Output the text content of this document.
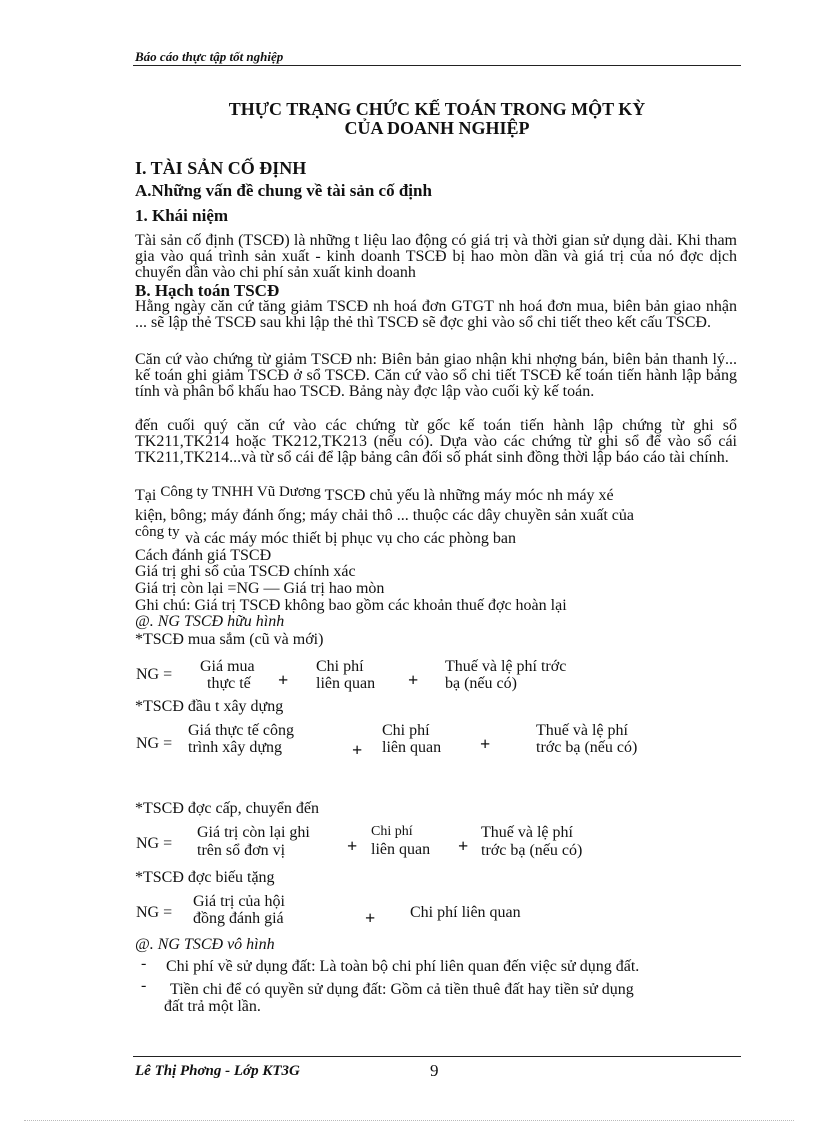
Báo cáo thực tập tốt nghiệp
THỰC TRẠNG CHỨC KẾ TOÁN TRONG MỘT KỲ
CỦA DOANH NGHIỆP
I. TÀI SẢN CỐ ĐỊNH
A.Những vấn đề chung về tài sản cố định
1. Khái niệm
Tài sản cố định (TSCĐ) là những t liệu lao động có giá trị và thời gian sử dụng dài. Khi tham gia vào quá trình sản xuất - kinh doanh TSCĐ bị hao mòn dần và giá trị của nó đợc dịch chuyển dần vào chi phí sản xuất kinh doanh
B. Hạch toán TSCĐ
Hằng ngày căn cứ tăng giảm TSCĐ nh hoá đơn GTGT nh hoá đơn mua, biên bản giao nhận ... sẽ lập thẻ TSCĐ sau khi lập thẻ thì TSCĐ sẽ đợc ghi vào sổ chi tiết theo kết cấu TSCĐ.
Căn cứ vào chứng từ giảm TSCĐ nh: Biên bản giao nhận khi nhợng bán, biên bản thanh lý... kế toán ghi giảm TSCĐ ở sổ TSCĐ. Căn cứ vào sổ chi tiết TSCĐ kế toán tiến hành lập bảng tính và phân bổ khấu hao TSCĐ. Bảng này đợc lập vào cuối kỳ kế toán.
đến cuối quý căn cứ vào các chứng từ gốc kế toán tiến hành lập chứng từ ghi sổ TK211,TK214 hoặc TK212,TK213 (nếu có). Dựa vào các chứng từ ghi sổ để vào sổ cái TK211,TK214...và từ sổ cái để lập bảng cân đối số phát sinh đồng thời lập báo cáo tài chính.
Tại Công ty TNHH Vũ Dương TSCĐ chủ yếu là những máy móc nh máy xé
kiện, bông; máy đánh ống; máy chải thô ... thuộc các dây chuyền sản xuất của
công ty và các máy móc thiết bị phục vụ cho các phòng ban
Cách đánh giá TSCĐ
Giá trị ghi sổ của TSCĐ chính xác
Giá trị còn lại =NG — Giá trị hao mòn
Ghi chú: Giá trị TSCĐ không bao gồm các khoản thuế đợc hoàn lại
@. NG TSCĐ hữu hình
*TSCĐ mua sắm (cũ và mới)
NG = Giá mua
thực tế +
Chi phí
liên quan +
Thuế và lệ phí trớc
bạ (nếu có)
*TSCĐ đầu t xây dựng
NG =
Giá thực tế công
trình xây dựng	+
Chi phí
liên quan +
Thuế và lệ phí
trớc bạ (nếu có)
*TSCĐ đợc cấp, chuyển đến
NG =
Giá trị còn lại ghi
trên sổ đơn vị	+
Chi phí
liên quan +
Thuế và lệ phí
trớc bạ (nếu có)
*TSCĐ đợc biếu tặng
NG =
Giá trị của hội
đồng đánh giá	+ Chi phí liên quan
@. NG TSCĐ vô hình
- Chi phí về sử dụng đất: Là toàn bộ chi phí liên quan đến việc sử dụng đất.
- Tiền chi để có quyền sử dụng đất: Gồm cả tiền thuê đất hay tiền sử dụng
đất trả một lần.
Lê Thị Phơng - Lớp KT3G	9
